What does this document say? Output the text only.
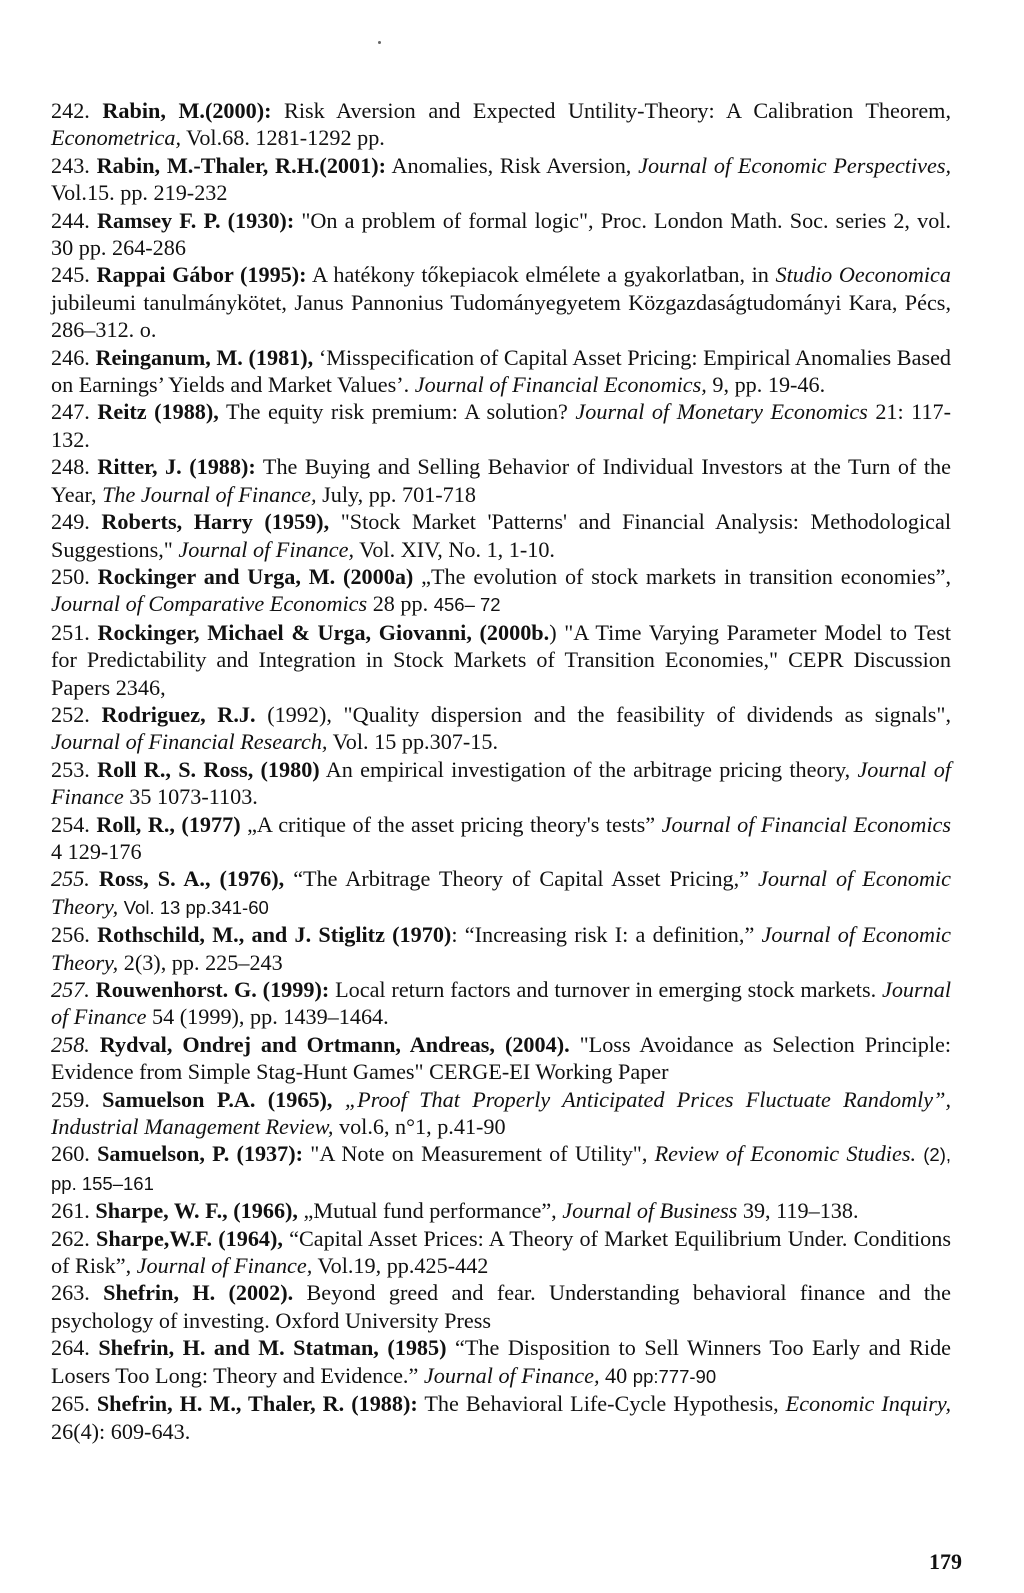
242. Rabin, M.(2000): Risk Aversion and Expected Untility-Theory: A Calibration Theorem, Econometrica, Vol.68. 1281-1292 pp.

243. Rabin, M.-Thaler, R.H.(2001): Anomalies, Risk Aversion, Journal of Economic Perspectives, Vol.15. pp. 219-232

244. Ramsey F. P. (1930): "On a problem of formal logic", Proc. London Math. Soc. series 2, vol. 30 pp. 264-286

245. Rappai Gábor (1995): A hatékony tőkepiacok elmélete a gyakorlatban, in Studio Oeconomica jubileumi tanulmánykötet, Janus Pannonius Tudományegyetem Közgazdaságtudományi Kara, Pécs, 286–312. o.

246. Reinganum, M. (1981), ‘Misspecification of Capital Asset Pricing: Empirical Anomalies Based on Earnings’ Yields and Market Values’. Journal of Financial Economics, 9, pp. 19-46.

247. Reitz (1988), The equity risk premium: A solution? Journal of Monetary Economics 21: 117-132.

248. Ritter, J. (1988): The Buying and Selling Behavior of Individual Investors at the Turn of the Year, The Journal of Finance, July, pp. 701-718

249. Roberts, Harry (1959), "Stock Market 'Patterns' and Financial Analysis: Methodological Suggestions," Journal of Finance, Vol. XIV, No. 1, 1-10.

250. Rockinger and Urga, M. (2000a) „The evolution of stock markets in transition economies”, Journal of Comparative Economics 28 pp. 456– 72

251. Rockinger, Michael & Urga, Giovanni, (2000b.) "A Time Varying Parameter Model to Test for Predictability and Integration in Stock Markets of Transition Economies," CEPR Discussion Papers 2346,

252. Rodriguez, R.J. (1992), "Quality dispersion and the feasibility of dividends as signals", Journal of Financial Research, Vol. 15 pp.307-15.

253. Roll R., S. Ross, (1980) An empirical investigation of the arbitrage pricing theory, Journal of Finance 35 1073-1103.

254. Roll, R., (1977) „A critique of the asset pricing theory's tests” Journal of Financial Economics 4 129-176

255. Ross, S. A., (1976), “The Arbitrage Theory of Capital Asset Pricing,” Journal of Economic Theory, Vol. 13 pp.341-60

256. Rothschild, M., and J. Stiglitz (1970): “Increasing risk I: a definition,” Journal of Economic Theory, 2(3), pp. 225–243

257. Rouwenhorst. G. (1999): Local return factors and turnover in emerging stock markets. Journal of Finance 54 (1999), pp. 1439–1464.

258. Rydval, Ondrej and Ortmann, Andreas, (2004). "Loss Avoidance as Selection Principle: Evidence from Simple Stag-Hunt Games" CERGE-EI Working Paper

259. Samuelson P.A. (1965), „Proof That Properly Anticipated Prices Fluctuate Randomly”, Industrial Management Review, vol.6, n°1, p.41-90

260. Samuelson, P. (1937): "A Note on Measurement of Utility", Review of Economic Studies. (2), pp. 155–161

261. Sharpe, W. F., (1966), „Mutual fund performance”, Journal of Business 39, 119–138.

262. Sharpe,W.F. (1964), “Capital Asset Prices: A Theory of Market Equilibrium Under. Conditions of Risk”, Journal of Finance, Vol.19, pp.425-442

263. Shefrin, H. (2002). Beyond greed and fear. Understanding behavioral finance and the psychology of investing. Oxford University Press

264. Shefrin, H. and M. Statman, (1985) “The Disposition to Sell Winners Too Early and Ride Losers Too Long: Theory and Evidence.” Journal of Finance, 40 pp:777-90

265. Shefrin, H. M., Thaler, R. (1988): The Behavioral Life-Cycle Hypothesis, Economic Inquiry, 26(4): 609-643.

179
